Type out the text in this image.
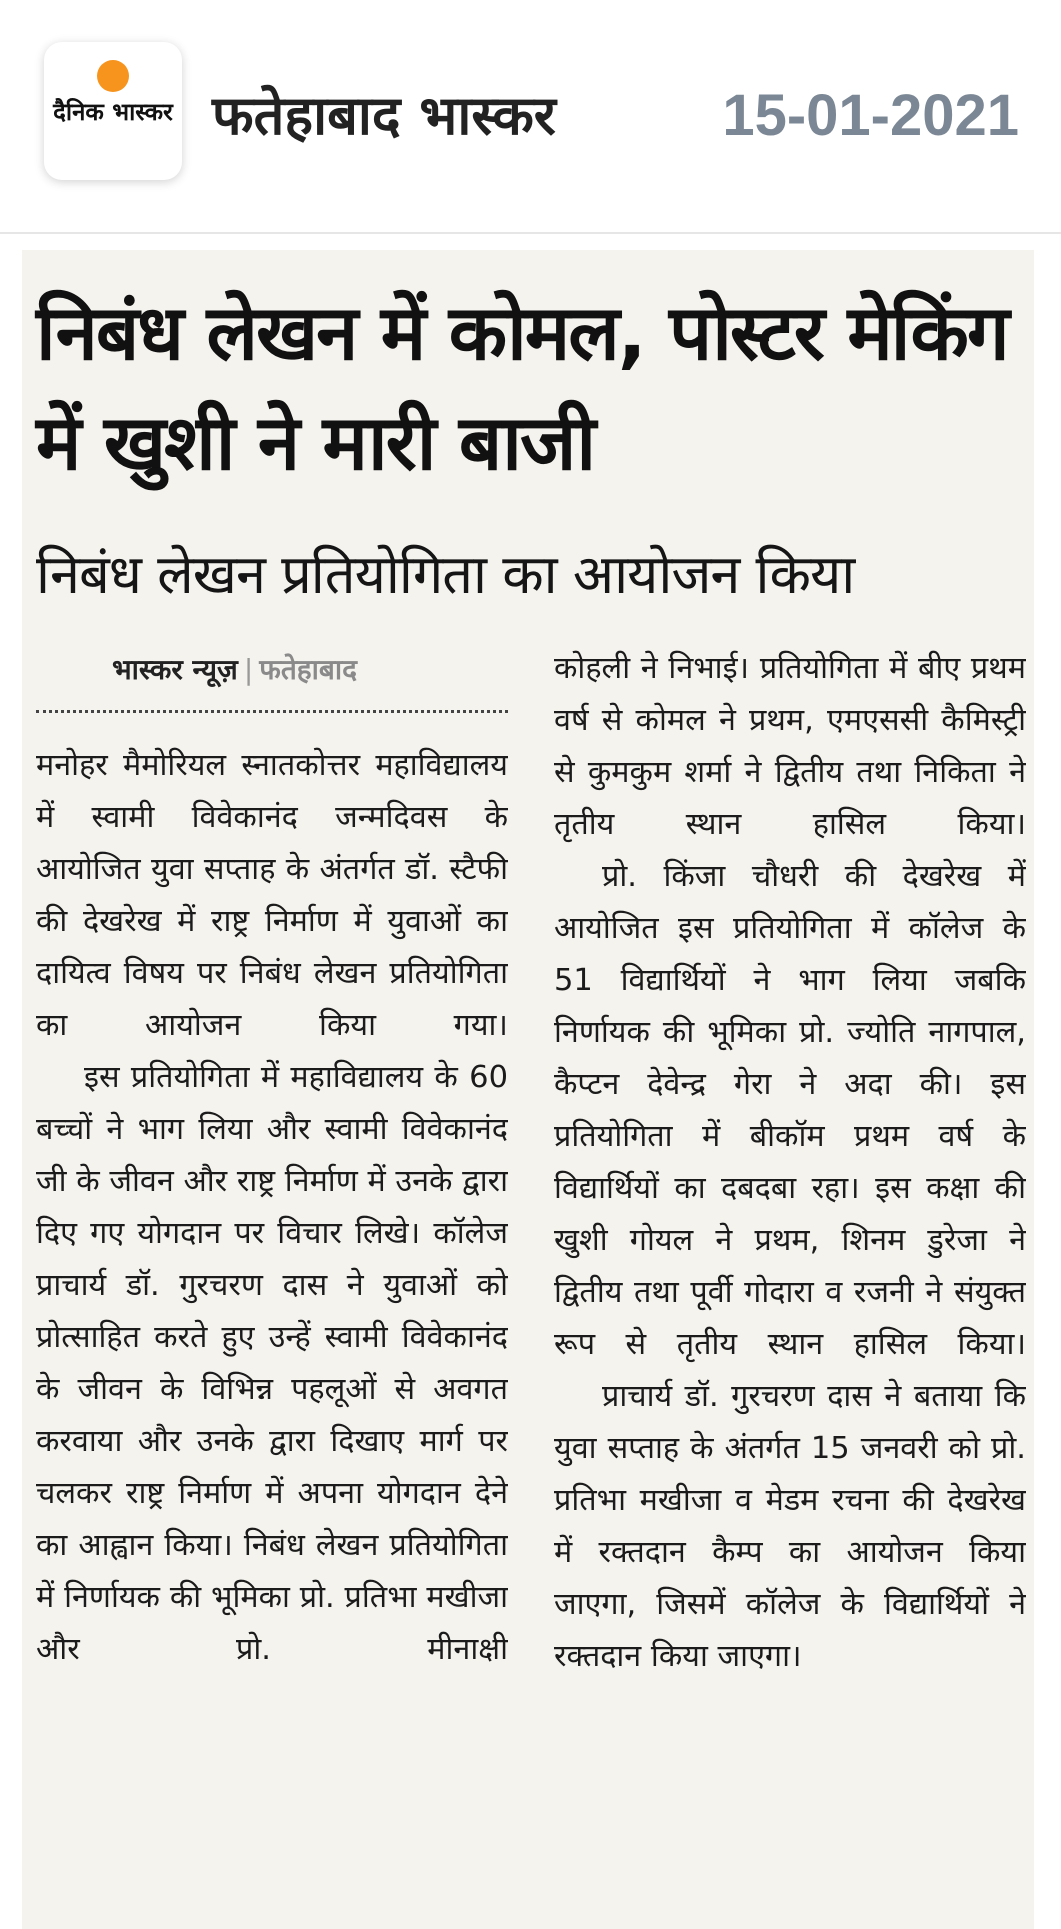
दैनिक भास्कर फतेहाबाद भास्कर	15-01-2021
निबंध लेखन में कोमल, पोस्टर मेकिंग में खुशी ने मारी बाजी
निबंध लेखन प्रतियोगिता का आयोजन किया
भास्कर न्यूज़ | फतेहाबाद

मनोहर मैमोरियल स्नातकोत्तर महाविद्यालय में स्वामी विवेकानंद जन्मदिवस के आयोजित युवा सप्ताह के अंतर्गत डॉ. स्टैफी की देखरेख में राष्ट्र निर्माण में युवाओं का दायित्व विषय पर निबंध लेखन प्रतियोगिता का आयोजन किया गया।

इस प्रतियोगिता में महाविद्यालय के 60 बच्चों ने भाग लिया और स्वामी विवेकानंद जी के जीवन और राष्ट्र निर्माण में उनके द्वारा दिए गए योगदान पर विचार लिखे। कॉलेज प्राचार्य डॉ. गुरचरण दास ने युवाओं को प्रोत्साहित करते हुए उन्हें स्वामी विवेकानंद के जीवन के विभिन्न पहलूओं से अवगत करवाया और उनके द्वारा दिखाए मार्ग पर चलकर राष्ट्र निर्माण में अपना योगदान देने का आह्वान किया। निबंध लेखन प्रतियोगिता में निर्णायक की भूमिका प्रो. प्रतिभा मखीजा और प्रो. मीनाक्षी

कोहली ने निभाई। प्रतियोगिता में बीए प्रथम वर्ष से कोमल ने प्रथम, एमएससी कैमिस्ट्री से कुमकुम शर्मा ने द्वितीय तथा निकिता ने तृतीय स्थान हासिल किया।

प्रो. किंजा चौधरी की देखरेख में आयोजित इस प्रतियोगिता में कॉलेज के 51 विद्यार्थियों ने भाग लिया जबकि निर्णायक की भूमिका प्रो. ज्योति नागपाल, कैप्टन देवेन्द्र गेरा ने अदा की। इस प्रतियोगिता में बीकॉम प्रथम वर्ष के विद्यार्थियों का दबदबा रहा। इस कक्षा की खुशी गोयल ने प्रथम, शिनम डुरेजा ने द्वितीय तथा पूर्वी गोदारा व रजनी ने संयुक्त रूप से तृतीय स्थान हासिल किया।

प्राचार्य डॉ. गुरचरण दास ने बताया कि युवा सप्ताह के अंतर्गत 15 जनवरी को प्रो. प्रतिभा मखीजा व मेडम रचना की देखरेख में रक्तदान कैम्प का आयोजन किया जाएगा, जिसमें कॉलेज के विद्यार्थियों ने रक्तदान किया जाएगा।
